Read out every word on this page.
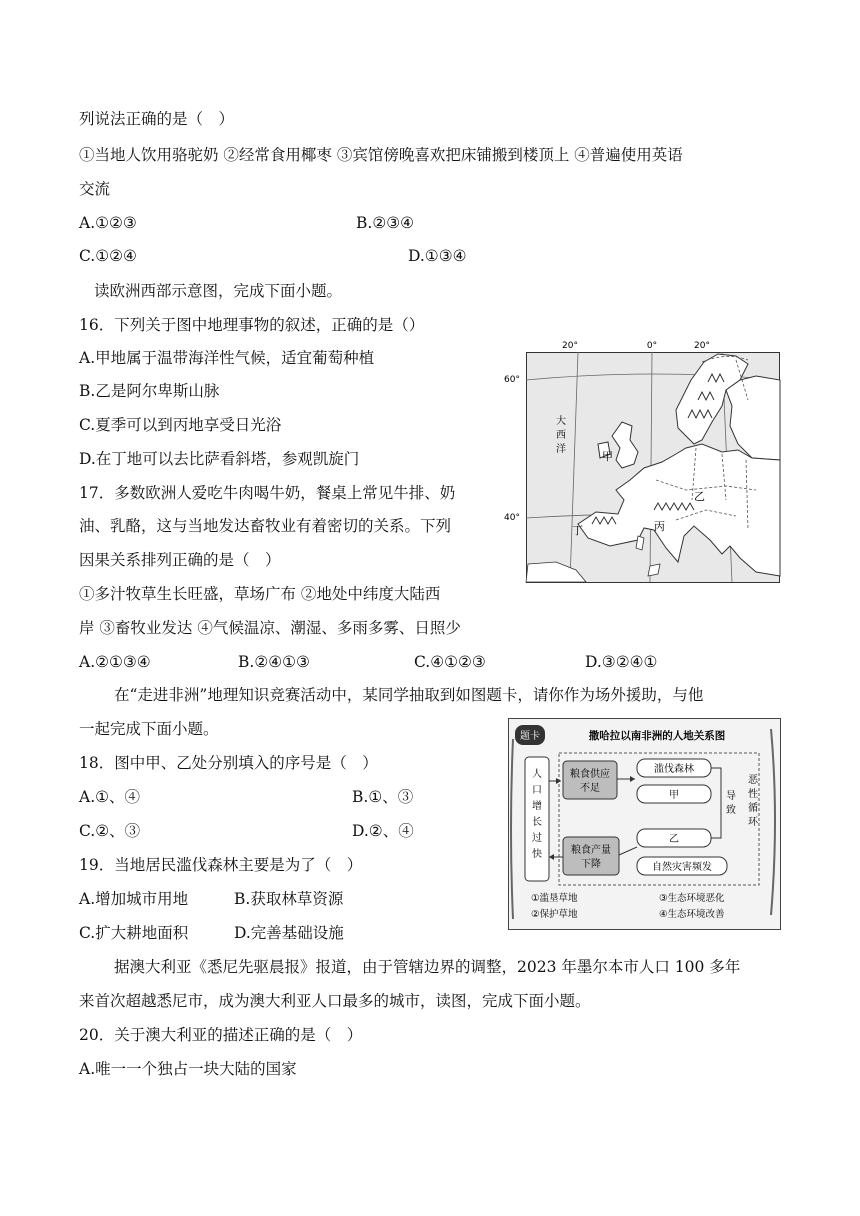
列说法正确的是（　）
①当地人饮用骆驼奶 ②经常食用椰枣 ③宾馆傍晚喜欢把床铺搬到楼顶上 ④普遍使用英语
交流
A.①②③	B.②③④
C.①②④	D.①③④
读欧洲西部示意图，完成下面小题。
16．下列关于图中地理事物的叙述，正确的是（）
A.甲地属于温带海洋性气候，适宜葡萄种植
B.乙是阿尔卑斯山脉
C.夏季可以到丙地享受日光浴
D.在丁地可以去比萨看斜塔，参观凯旋门
17．多数欧洲人爱吃牛肉喝牛奶，餐桌上常见牛排、奶
油、乳酪，这与当地发达畜牧业有着密切的关系。下列
因果关系排列正确的是（　）
①多汁牧草生长旺盛，草场广布 ②地处中纬度大陆西
岸 ③畜牧业发达 ④气候温凉、潮湿、多雨多雾、日照少
A.②①③④	B.②④①③	C.④①②③	D.③②④①
在“走进非洲”地理知识竞赛活动中，某同学抽取到如图题卡，请你作为场外援助，与他
一起完成下面小题。
18．图中甲、乙处分别填入的序号是（　）
A.①、④	B.①、③
C.②、③	D.②、④
19．当地居民滥伐森林主要是为了（　）
A.增加城市用地	B.获取林草资源
C.扩大耕地面积	D.完善基础设施
据澳大利亚《悉尼先驱晨报》报道，由于管辖边界的调整，2023 年墨尔本市人口 100 多年
来首次超越悉尼市，成为澳大利亚人口最多的城市，读图，完成下面小题。
20．关于澳大利亚的描述正确的是（　）
A.唯一一个独占一块大陆的国家
20°	0°	20°
60°
40°
大
西
洋
甲
乙
丙
丁
题卡	撒哈拉以南非洲的人地关系图
人口增长过快
粮食供应不足
滥伐森林
甲
乙
自然灾害频发
导致
恶性循环
粮食产量下降
①滥垦草地	③生态环境恶化
②保护草地	④生态环境改善
